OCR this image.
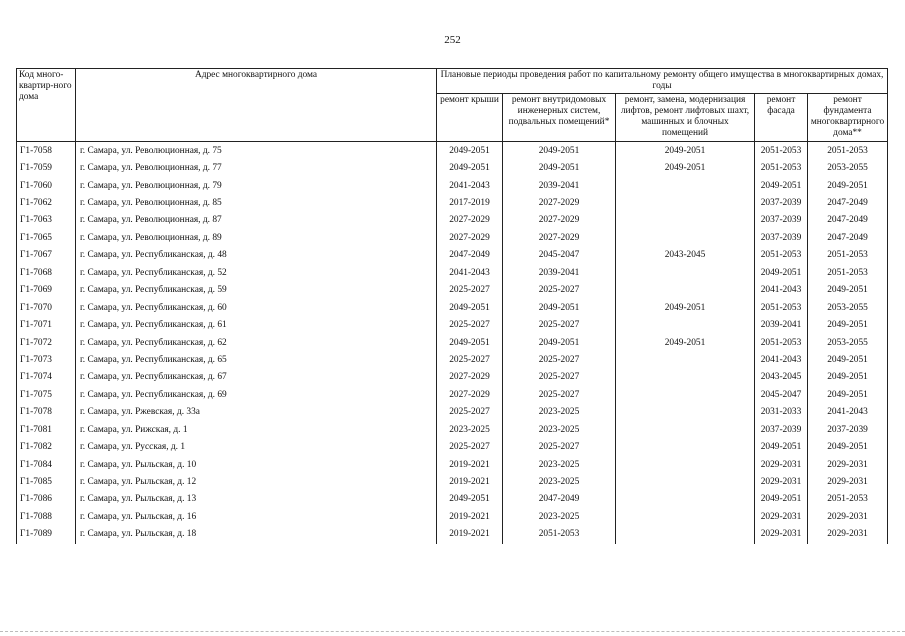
252
Код много-квартир-ного дома	Адрес многоквартирного дома	Плановые периоды проведения работ по капитальному ремонту общего имущества в многоквартирных домах, годы				
		ремонт крыши	ремонт внутридомовых инженерных систем, подвальных помещений*	ремонт, замена, модернизация лифтов, ремонт лифтовых шахт, машинных и блочных помещений	ремонт фасада	ремонт фундамента многоквартирного дома**
Г1-7058	г. Самара, ул. Революционная, д. 75	2049-2051	2049-2051	2049-2051	2051-2053	2051-2053
Г1-7059	г. Самара, ул. Революционная, д. 77	2049-2051	2049-2051	2049-2051	2051-2053	2053-2055
Г1-7060	г. Самара, ул. Революционная, д. 79	2041-2043	2039-2041		2049-2051	2049-2051
Г1-7062	г. Самара, ул. Революционная, д. 85	2017-2019	2027-2029		2037-2039	2047-2049
Г1-7063	г. Самара, ул. Революционная, д. 87	2027-2029	2027-2029		2037-2039	2047-2049
Г1-7065	г. Самара, ул. Революционная, д. 89	2027-2029	2027-2029		2037-2039	2047-2049
Г1-7067	г. Самара, ул. Республиканская, д. 48	2047-2049	2045-2047	2043-2045	2051-2053	2051-2053
Г1-7068	г. Самара, ул. Республиканская, д. 52	2041-2043	2039-2041		2049-2051	2051-2053
Г1-7069	г. Самара, ул. Республиканская, д. 59	2025-2027	2025-2027		2041-2043	2049-2051
Г1-7070	г. Самара, ул. Республиканская, д. 60	2049-2051	2049-2051	2049-2051	2051-2053	2053-2055
Г1-7071	г. Самара, ул. Республиканская, д. 61	2025-2027	2025-2027		2039-2041	2049-2051
Г1-7072	г. Самара, ул. Республиканская, д. 62	2049-2051	2049-2051	2049-2051	2051-2053	2053-2055
Г1-7073	г. Самара, ул. Республиканская, д. 65	2025-2027	2025-2027		2041-2043	2049-2051
Г1-7074	г. Самара, ул. Республиканская, д. 67	2027-2029	2025-2027		2043-2045	2049-2051
Г1-7075	г. Самара, ул. Республиканская, д. 69	2027-2029	2025-2027		2045-2047	2049-2051
Г1-7078	г. Самара, ул. Ржевская, д. 33а	2025-2027	2023-2025		2031-2033	2041-2043
Г1-7081	г. Самара, ул. Рижская, д. 1	2023-2025	2023-2025		2037-2039	2037-2039
Г1-7082	г. Самара, ул. Русская, д. 1	2025-2027	2025-2027		2049-2051	2049-2051
Г1-7084	г. Самара, ул. Рыльская, д. 10	2019-2021	2023-2025		2029-2031	2029-2031
Г1-7085	г. Самара, ул. Рыльская, д. 12	2019-2021	2023-2025		2029-2031	2029-2031
Г1-7086	г. Самара, ул. Рыльская, д. 13	2049-2051	2047-2049		2049-2051	2051-2053
Г1-7088	г. Самара, ул. Рыльская, д. 16	2019-2021	2023-2025		2029-2031	2029-2031
Г1-7089	г. Самара, ул. Рыльская, д. 18	2019-2021	2051-2053		2029-2031	2029-2031
